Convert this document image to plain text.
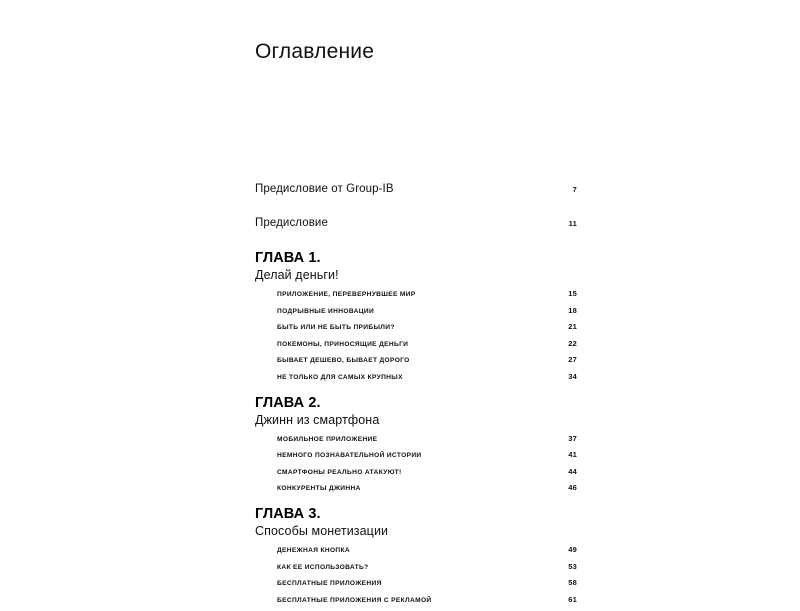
Оглавление
Предисловие от Group-IB	7
Предисловие	11
ГЛАВА 1.
Делай деньги!
ПРИЛОЖЕНИЕ, ПЕРЕВЕРНУВШЕЕ МИР	15
ПОДРЫВНЫЕ ИННОВАЦИИ	18
БЫТЬ ИЛИ НЕ БЫТЬ ПРИБЫЛИ?	21
ПОКЕМОНЫ, ПРИНОСЯЩИЕ ДЕНЬГИ	22
БЫВАЕТ ДЕШЕВО, БЫВАЕТ ДОРОГО	27
НЕ ТОЛЬКО ДЛЯ САМЫХ КРУПНЫХ	34
ГЛАВА 2.
Джинн из смартфона
МОБИЛЬНОЕ ПРИЛОЖЕНИЕ	37
НЕМНОГО ПОЗНАВАТЕЛЬНОЙ ИСТОРИИ	41
СМАРТФОНЫ РЕАЛЬНО АТАКУЮТ!	44
КОНКУРЕНТЫ ДЖИННА	46
ГЛАВА 3.
Способы монетизации
ДЕНЕЖНАЯ КНОПКА	49
КАК ЕЕ ИСПОЛЬЗОВАТЬ?	53
БЕСПЛАТНЫЕ ПРИЛОЖЕНИЯ	58
БЕСПЛАТНЫЕ ПРИЛОЖЕНИЯ С РЕКЛАМОЙ	61
